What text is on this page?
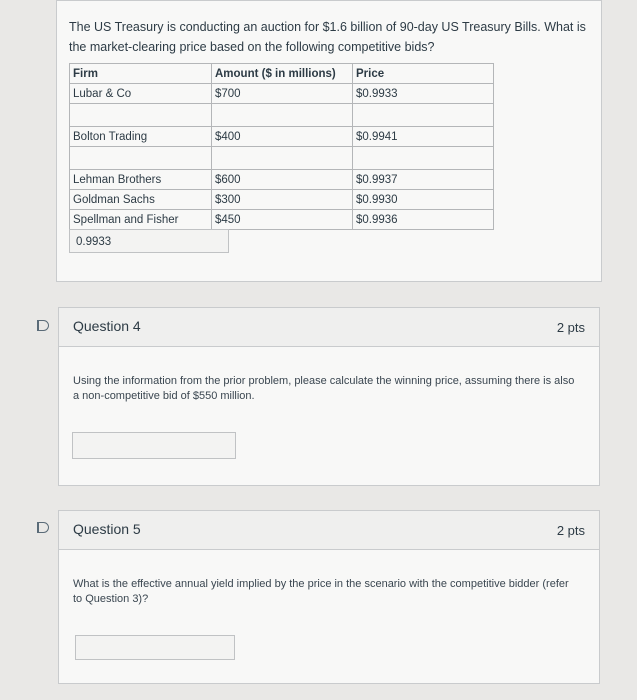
The US Treasury is conducting an auction for $1.6 billion of 90-day US Treasury Bills. What is the market-clearing price based on the following competitive bids?
Firm	Amount ($ in millions)	Price
Lubar & Co	$700	$0.9933

Bolton Trading	$400	$0.9941

Lehman Brothers	$600	$0.9937
Goldman Sachs	$300	$0.9930
Spellman and Fisher	$450	$0.9936
0.9933
Question 4	2 pts
Using the information from the prior problem, please calculate the winning price, assuming there is also a non-competitive bid of $550 million.
Question 5	2 pts
What is the effective annual yield implied by the price in the scenario with the competitive bidder (refer to Question 3)?
